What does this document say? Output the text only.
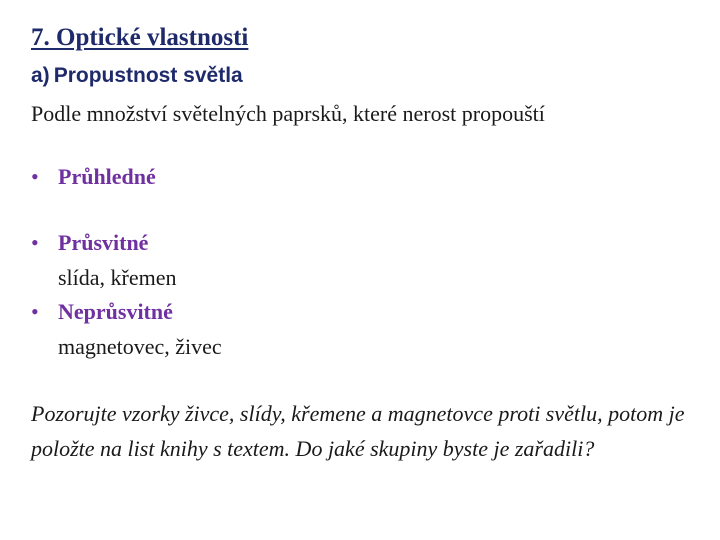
7. Optické vlastnosti
a) Propustnost světla
Podle množství světelných paprsků, které nerost propouští
• Průhledné
• Průsvitné
slída, křemen
• Neprůsvitné
magnetovec, živec
Pozorujte vzorky živce, slídy, křemene a magnetovce proti světlu, potom je položte na list knihy s textem. Do jaké skupiny byste je zařadili?
